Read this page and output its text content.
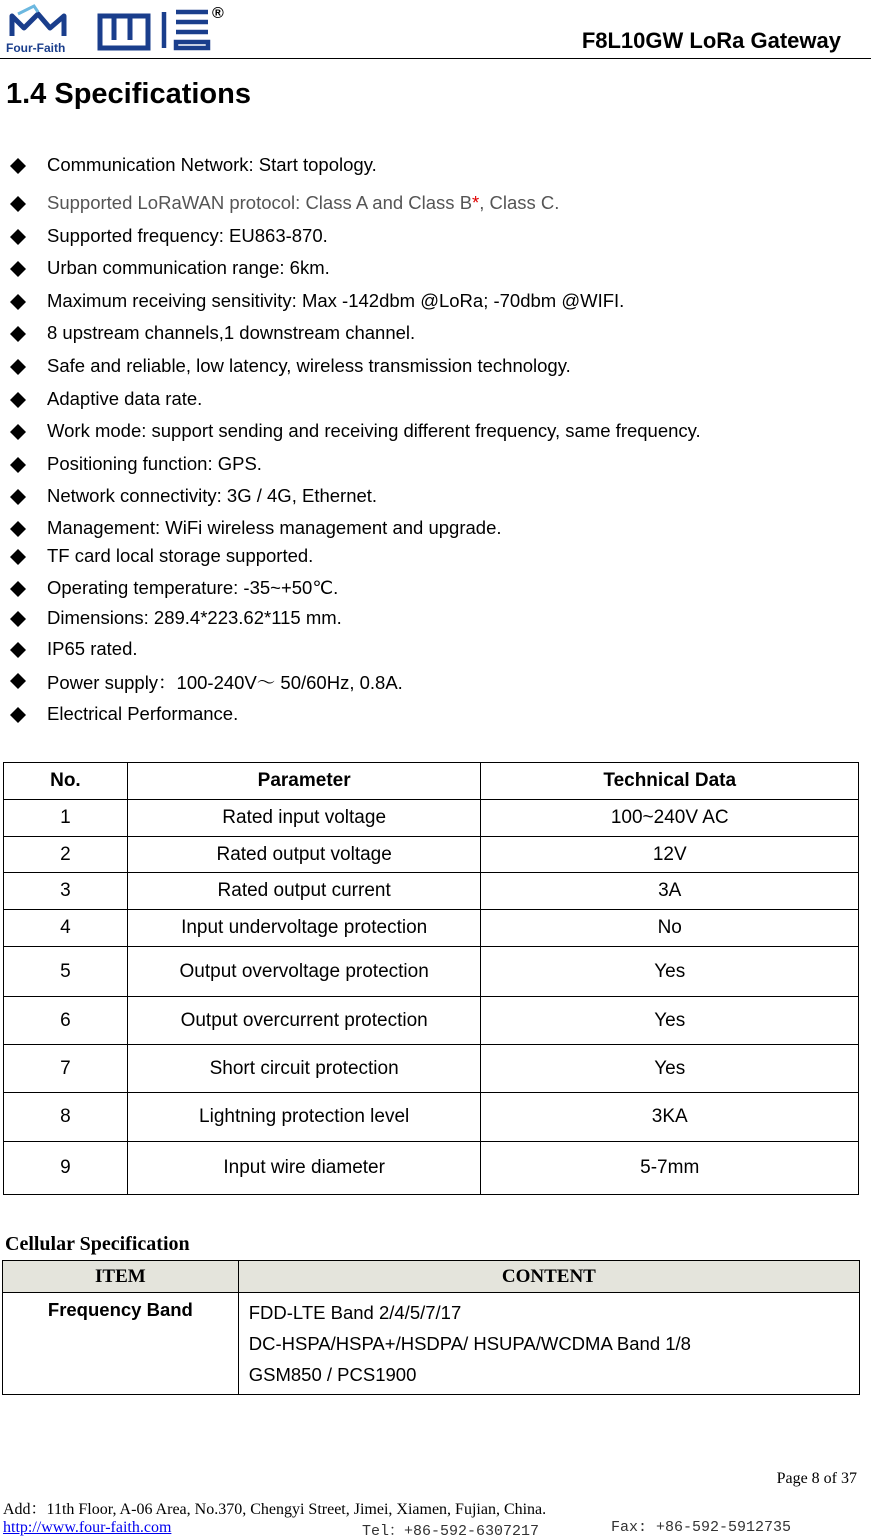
Four-Faith
®
F8L10GW LoRa Gateway
1.4 Specifications
Communication Network: Start topology.
Supported LoRaWAN protocol: Class A and Class B*, Class C.
Supported frequency: EU863-870.
Urban communication range: 6km.
Maximum receiving sensitivity: Max -142dbm @LoRa; -70dbm @WIFI.
8 upstream channels,1 downstream channel.
Safe and reliable, low latency, wireless transmission technology.
Adaptive data rate.
Work mode: support sending and receiving different frequency, same frequency.
Positioning function: GPS.
Network connectivity: 3G / 4G, Ethernet.
Management: WiFi wireless management and upgrade.
TF card local storage supported.
Operating temperature: -35~+50℃.
Dimensions: 289.4*223.62*115 mm.
IP65 rated.
Power supply：100-240V～ 50/60Hz, 0.8A.
Electrical Performance.
No.	Parameter	Technical Data
1	Rated input voltage	100~240V AC
2	Rated output voltage	12V
3	Rated output current	3A
4	Input undervoltage protection	No
5	Output overvoltage protection	Yes
6	Output overcurrent protection	Yes
7	Short circuit protection	Yes
8	Lightning protection level	3KA
9	Input wire diameter	5-7mm
Cellular Specification
ITEM	CONTENT
Frequency Band	FDD-LTE Band 2/4/5/7/17
DC-HSPA/HSPA+/HSDPA/ HSUPA/WCDMA Band 1/8
GSM850 / PCS1900
Page 8 of 37
Add：11th Floor, A-06 Area, No.370, Chengyi Street, Jimei, Xiamen, Fujian, China.
http://www.four-faith.com	Tel：+86-592-6307217	Fax: +86-592-5912735
